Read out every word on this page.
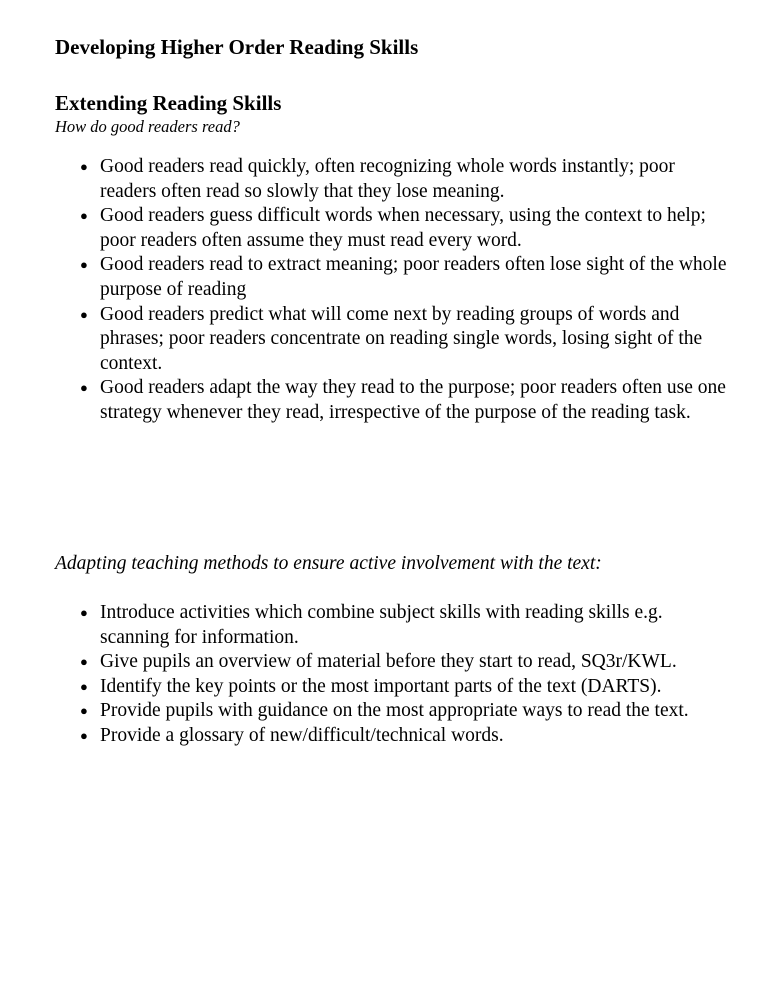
Developing Higher Order Reading Skills
Extending Reading Skills

How do good readers read?

● Good readers read quickly, often recognizing whole words instantly; poor readers often read so slowly that they lose meaning.
● Good readers guess difficult words when necessary, using the context to help; poor readers often assume they must read every word.
● Good readers read to extract meaning; poor readers often lose sight of the whole purpose of reading
● Good readers predict what will come next by reading groups of words and phrases; poor readers concentrate on reading single words, losing sight of the context.
● Good readers adapt the way they read to the purpose; poor readers often use one strategy whenever they read, irrespective of the purpose of the reading task.

Adapting teaching methods to ensure active involvement with the text:

● Introduce activities which combine subject skills with reading skills e.g. scanning for information.
● Give pupils an overview of material before they start to read, SQ3r/KWL.
● Identify the key points or the most important parts of the text (DARTS).
● Provide pupils with guidance on the most appropriate ways to read the text.
● Provide a glossary of new/difficult/technical words.
